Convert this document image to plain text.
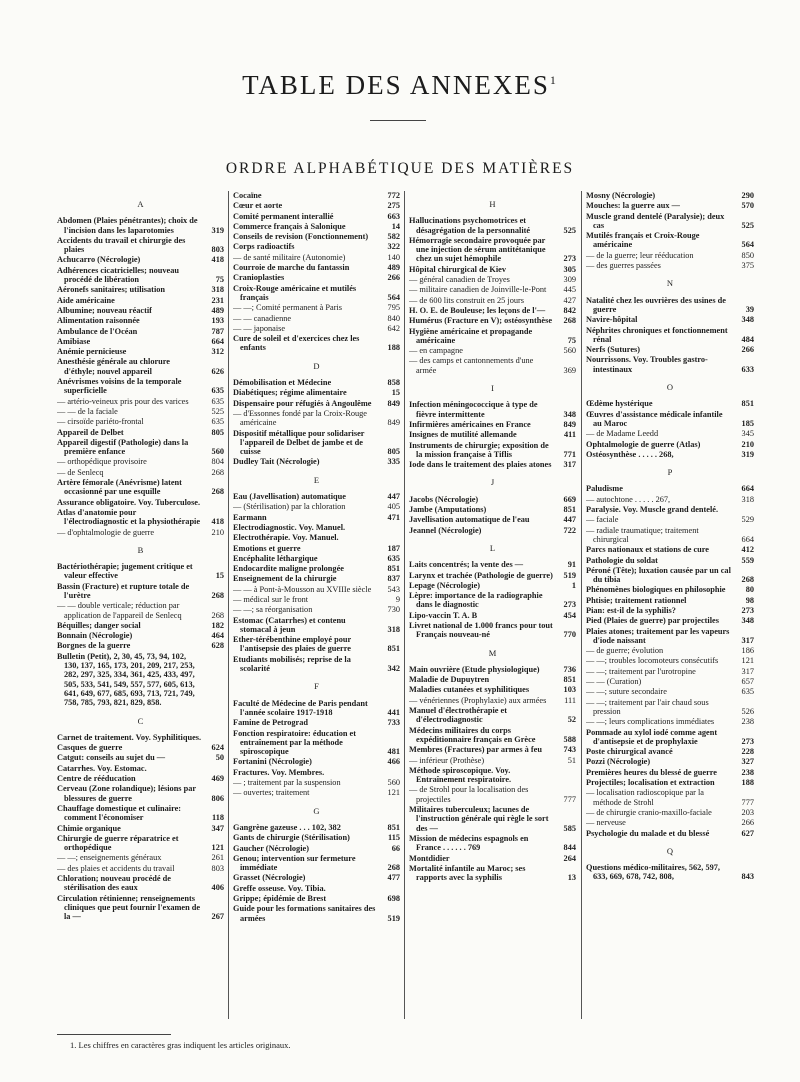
TABLE DES ANNEXES$^1$
ORDRE ALPHABÉTIQUE DES MATIÈRES
A
Abdomen (Plaies pénétrantes); choix de l'incision dans les laparotomies	319
Accidents du travail et chirurgie des plaies	803
Achucarro (Nécrologie)	418
Adhérences cicatricielles; nouveau procédé de libération	75
Aéronefs sanitaires; utilisation	318
Aide américaine	231
Albumine; nouveau réactif	489
Alimentation raisonnée	193
Ambulance de l'Océan	787
Amibiase	664
Anémie pernicieuse	312
Anesthésie générale au chlorure d'éthyle; nouvel appareil	626
Anévrismes voisins de la temporale superficielle	635
— artério-veineux pris pour des varices	635
— — de la faciale	525
— cirsoïde pariéto-frontal	635
Appareil de Delbet	805
Appareil digestif (Pathologie) dans la première enfance	560
— orthopédique provisoire	804
— de Senlecq	268
Artère fémorale (Anévrisme) latent occasionné par une esquille	268
Assurance obligatoire. Voy. Tuberculose.
Atlas d'anatomie pour l'électrodiagnostic et la physiothérapie 418
— d'ophtalmologie de guerre	210
B
Bactériothérapie; jugement critique et valeur effective	15
Bassin (Fracture) et rupture totale de l'urètre	268
— — double verticale; réduction par application de l'appareil de Senlecq	268
Béquilles; danger social	182
Bonnain (Nécrologie)	464
Borgnes de la guerre	628
Bulletin (Petit), 2, 30, 45, 73, 94, 102, 130, 137, 165, 173, 201, 209, 217, 253, 282, 297, 325, 334, 361, 425, 433, 497, 505, 533, 541, 549, 557, 577, 605, 613, 641, 649, 677, 685, 693, 713, 721, 749, 758, 785, 793, 821, 829, 858.
C
Carnet de traitement. Voy. Syphilitiques.
Casques de guerre	624
Catgut: conseils au sujet du —	50
Catarrhes. Voy. Estomac.
Centre de rééducation	469
Cerveau (Zone rolandique); lésions par blessures de guerre	806
Chauffage domestique et culinaire: comment l'économiser	118
Chimie organique	347
Chirurgie de guerre réparatrice et orthopédique	121
— —; enseignements généraux	261
— des plaies et accidents du travail	803
Chloration; nouveau procédé de stérilisation des eaux	406
Circulation rétinienne; renseignements cliniques que peut fournir l'examen de la —	267
Cocaïne	772
Cœur et aorte	275
Comité permanent interallié	663
Commerce français à Salonique	14
Conseils de revision (Fonctionnement)	582
Corps radioactifs	322
— de santé militaire (Autonomie)	140
Courroie de marche du fantassin	489
Cranioplasties	266
Croix-Rouge américaine et mutilés français	564
— —; Comité permanent à Paris	795
— — canadienne	840
— — japonaise	642
Cure de soleil et d'exercices chez les enfants	188
D
Démobilisation et Médecine	858
Diabétiques; régime alimentaire	15
Dispensaire pour réfugiés à Angoulême	849
— d'Essonnes fondé par la Croix-Rouge américaine	849
Dispositif métallique pour solidariser l'appareil de Delbet de jambe et de cuisse	805
Dudley Tait (Nécrologie)	335
E
Eau (Javellisation) automatique	447
— (Stérilisation) par la chloration	405
Earmann	471
Electrodiagnostic. Voy. Manuel.
Electrothérapie. Voy. Manuel.
Emotions et guerre	187
Encéphalite léthargique	635
Endocardite maligne prolongée	851
Enseignement de la chirurgie	837
— — à Pont-à-Mousson au XVIIIe siècle	543
— médical sur le front	9
— —; sa réorganisation	730
Estomac (Catarrhes) et contenu stomacal à jeun	318
Ether-térébenthine employé pour l'antisepsie des plaies de guerre	851
Etudiants mobilisés; reprise de la scolarité	342
F
Faculté de Médecine de Paris pendant l'année scolaire 1917-1918	441
Famine de Petrograd	733
Fonction respiratoire: éducation et entraînement par la méthode spiroscopique	481
Fortanini (Nécrologie)	466
Fractures. Voy. Membres.
— ; traitement par la suspension	560
— ouvertes; traitement	121
G
Gangrène gazeuse . . . 102, 382	851
Gants de chirurgie (Stérilisation)	115
Gaucher (Nécrologie)	66
Genou; intervention sur fermeture immédiate	268
Grasset (Nécrologie)	477
Greffe osseuse. Voy. Tibia.
Grippe; épidémie de Brest	698
Guide pour les formations sanitaires des armées	519
H
Hallucinations psychomotrices et désagrégation de la personnalité	525
Hémorragie secondaire provoquée par une injection de sérum antitétanique chez un sujet hémophile	273
Hôpital chirurgical de Kiev	305
— général canadien de Troyes	309
— militaire canadien de Joinville-le-Pont	445
— de 600 lits construit en 25 jours	427
H. O. E. de Bouleuse; les leçons de l'—	842
Humérus (Fracture en V); ostéosynthèse 268
Hygiène américaine et propagande américaine	75
— en campagne	560
— des camps et cantonnements d'une armée	369
I
Infection méningococcique à type de fièvre intermittente	348
Infirmières américaines en France	849
Insignes de mutilité allemande	411
Instruments de chirurgie; exposition de la mission française à Tiflis	771
Iode dans le traitement des plaies atones	317
J
Jacobs (Nécrologie)	669
Jambe (Amputations)	851
Javellisation automatique de l'eau	447
Jeannel (Nécrologie)	722
L
Laits concentrés; la vente des —	91
Larynx et trachée (Pathologie de guerre) 519
Lepage (Nécrologie)	1
Lèpre: importance de la radiographie dans le diagnostic	273
Lipo-vaccin T. A. B	454
Livret national de 1.000 francs pour tout Français nouveau-né	770
M
Main ouvrière (Etude physiologique)	736
Maladie de Dupuytren	851
Maladies cutanées et syphilitiques	103
— vénériennes (Prophylaxie) aux armées	111
Manuel d'électrothérapie et d'électrodiagnostic	52
Médecins militaires du corps expéditionnaire français en Grèce	588
Membres (Fractures) par armes à feu	743
— inférieur (Prothèse)	51
Méthode spiroscopique. Voy. Entraînement respiratoire.
— de Strohl pour la localisation des projectiles	777
Militaires tuberculeux; lacunes de l'instruction générale qui règle le sort des —	585
Mission de médecins espagnols en France . . . . . . 769	844
Montdidier	264
Mortalité infantile au Maroc; ses rapports avec la syphilis	13
Mosny (Nécrologie)	290
Mouches: la guerre aux —	570
Muscle grand dentelé (Paralysie); deux cas	525
Mutilés français et Croix-Rouge américaine	564
— de la guerre; leur rééducation	850
— des guerres passées	375
N
Natalité chez les ouvrières des usines de guerre	39
Navire-hôpital	348
Néphrites chroniques et fonctionnement rénal	484
Nerfs (Sutures)	266
Nourrissons. Voy. Troubles gastro-intestinaux	633
O
Œdème hystérique	851
Œuvres d'assistance médicale infantile au Maroc	185
— de Madame Leedd	345
Ophtalmologie de guerre (Atlas)	210
Ostéosynthèse . . . . . 268,	319
P
Paludisme	664
— autochtone . . . . . 267,	318
Paralysie. Voy. Muscle grand dentelé.
— faciale	529
— radiale traumatique; traitement chirurgical	664
Parcs nationaux et stations de cure	412
Pathologie du soldat	559
Péroné (Tête); luxation causée par un cal du tibia	268
Phénomènes biologiques en philosophie	80
Phtisie; traitement rationnel	98
Pian: est-il de la syphilis?	273
Pied (Plaies de guerre) par projectiles	348
Plaies atones; traitement par les vapeurs d'iode naissant	317
— de guerre; évolution	186
— —; troubles locomoteurs consécutifs	121
— —; traitement par l'urotropine	317
— — (Curation)	657
— —; suture secondaire	635
— —; traitement par l'air chaud sous pression	526
— —; leurs complications immédiates	238
Pommade au xylol iodé comme agent d'antisepsie et de prophylaxie	273
Poste chirurgical avancé	228
Pozzi (Nécrologie)	327
Premières heures du blessé de guerre	238
Projectiles; localisation et extraction	188
— localisation radioscopique par la méthode de Strohl	777
— de chirurgie cranio-maxillo-faciale	203
— nerveuse	266
Psychologie du malade et du blessé	627
Q
Questions médico-militaires, 562, 597, 633, 669, 678, 742, 808,	843
1. Les chiffres en caractères gras indiquent les articles originaux.
